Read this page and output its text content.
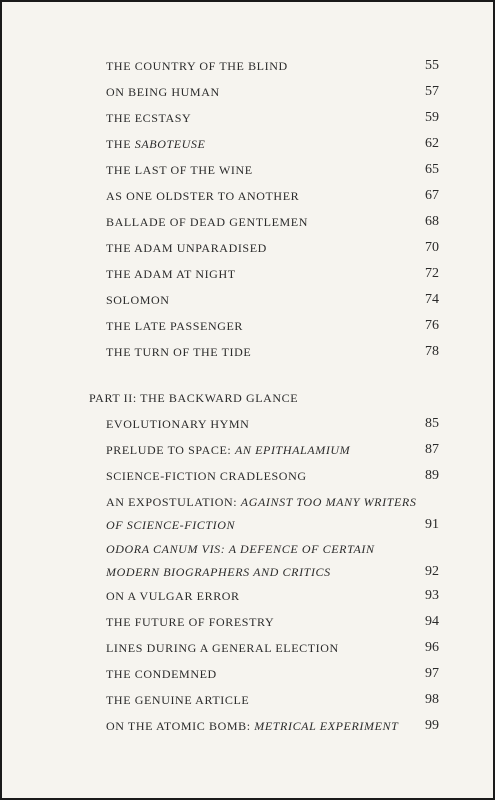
THE COUNTRY OF THE BLIND	55
ON BEING HUMAN	57
THE ECSTASY	59
THE SABOTEUSE	62
THE LAST OF THE WINE	65
AS ONE OLDSTER TO ANOTHER	67
BALLADE OF DEAD GENTLEMEN	68
THE ADAM UNPARADISED	70
THE ADAM AT NIGHT	72
SOLOMON	74
THE LATE PASSENGER	76
THE TURN OF THE TIDE	78
PART II: THE BACKWARD GLANCE
EVOLUTIONARY HYMN	85
PRELUDE TO SPACE: AN EPITHALAMIUM	87
SCIENCE-FICTION CRADLESONG	89
AN EXPOSTULATION: AGAINST TOO MANY WRITERS
OF SCIENCE-FICTION	91
ODORA CANUM VIS: A DEFENCE OF CERTAIN
MODERN BIOGRAPHERS AND CRITICS	92
ON A VULGAR ERROR	93
THE FUTURE OF FORESTRY	94
LINES DURING A GENERAL ELECTION	96
THE CONDEMNED	97
THE GENUINE ARTICLE	98
ON THE ATOMIC BOMB: METRICAL EXPERIMENT	99
